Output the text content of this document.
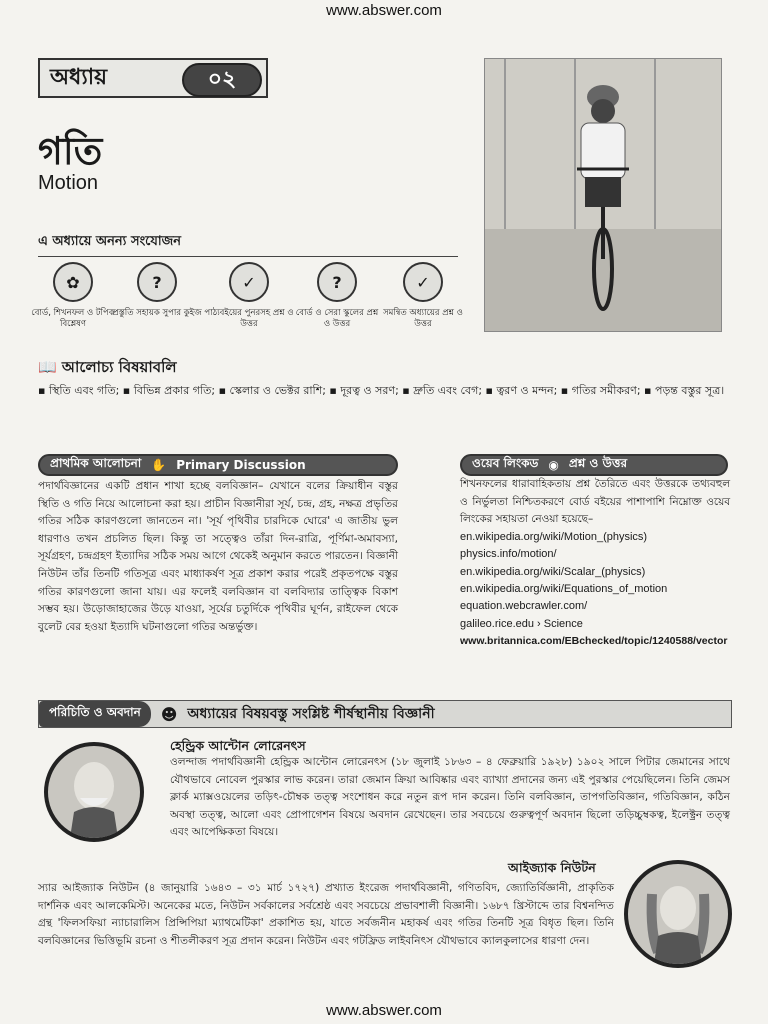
www.abswer.com
অধ্যায়	০২
গতি
Motion
এ অধ্যায়ে অনন্য সংযোজন
✿
বোর্ড, শিখনফল ও টপিক বিশ্লেষণ
?
প্রস্তুতি সহায়ক সুপার কুইজ
✓
পাঠ্যবইয়ের পুনরসহ প্রশ্ন ও উত্তর
?
বোর্ড ও সেরা স্কুলের প্রশ্ন ও উত্তর
✓
সমন্বিত অধ্যায়ের প্রশ্ন ও উত্তর
📖 আলোচ্য বিষয়াবলি
▪ স্থিতি এবং গতি; ▪ বিভিন্ন প্রকার গতি; ▪ স্কেলার ও ভেক্টর রাশি; ▪ দূরত্ব ও সরণ; ▪ দ্রুতি এবং বেগ; ▪ ত্বরণ ও মন্দন; ▪ গতির সমীকরণ; ▪ পড়ন্ত বস্তুর সূত্র।
প্রাথমিক আলোচনা ✋ Primary Discussion
পদার্থবিজ্ঞানের একটি প্রধান শাখা হচ্ছে বলবিজ্ঞান– যেখানে বলের ক্রিয়াধীন বস্তুর স্থিতি ও গতি নিয়ে আলোচনা করা হয়। প্রাচীন বিজ্ঞানীরা সূর্য, চন্দ্র, গ্রহ, নক্ষত্র প্রভৃতির গতির সঠিক কারণগুলো জানতেন না। 'সূর্য পৃথিবীর চারদিকে ঘোরে' এ জাতীয় ভুল ধারণাও তখন প্রচলিত ছিল। কিন্তু তা সত্ত্বেও তাঁরা দিন-রাত্রি, পূর্ণিমা-অমাবস্যা, সূর্যগ্রহণ, চন্দ্রগ্রহণ ইত্যাদির সঠিক সময় আগে থেকেই অনুমান করতে পারতেন। বিজ্ঞানী নিউটন তাঁর তিনটি গতিসূত্র এবং মাধ্যাকর্ষণ সূত্র প্রকাশ করার পরেই প্রকৃতপক্ষে বস্তুর গতির কারণগুলো জানা যায়। এর ফলেই বলবিজ্ঞান বা বলবিদ্যার তাত্ত্বিক বিকাশ সম্ভব হয়। উড়োজাহাজের উড়ে যাওয়া, সূর্যের চতুর্দিকে পৃথিবীর ঘূর্ণন, রাইফেল থেকে বুলেট বের হওয়া ইত্যাদি ঘটনাগুলো গতির অন্তর্ভুক্ত।
ওয়েব লিংকড ◉ প্রশ্ন ও উত্তর
শিখনফলের ধারাবাহিকতায় প্রশ্ন তৈরিতে এবং উত্তরকে তথ্যবহুল ও নির্ভুলতা নিশ্চিতকরণে বোর্ড বইয়ের পাশাপাশি নিম্নোক্ত ওয়েব লিংকের সহায়তা নেওয়া হয়েছে–
en.wikipedia.org/wiki/Motion_(physics)
physics.info/motion/
en.wikipedia.org/wiki/Scalar_(physics)
en.wikipedia.org/wiki/Equations_of_motion
equation.webcrawler.com/
galileo.rice.edu › Science
www.britannica.com/EBchecked/topic/1240588/vector
পরিচিতি ও অবদান	☻ অধ্যায়ের বিষয়বস্তু সংশ্লিষ্ট শীর্ষস্থানীয় বিজ্ঞানী
হেন্ড্রিক আন্টোন লোরেনৎস
ওলন্দাজ পদার্থবিজ্ঞানী হেন্ড্রিক আন্টোন লোরেনৎস (১৮ জুলাই ১৮৬৩ – ৪ ফেব্রুয়ারি ১৯২৮) ১৯০২ সালে পিটার জেমানের সাথে যৌথভাবে নোবেল পুরস্কার লাভ করেন। তারা জেমান ক্রিয়া আবিষ্কার এবং ব্যাখ্যা প্রদানের জন্য এই পুরস্কার পেয়েছিলেন। তিনি জেমস ক্লার্ক ম্যাক্সওয়েলের তড়িৎ-চৌম্বক তত্ত্ব সংশোধন করে নতুন রূপ দান করেন। তিনি বলবিজ্ঞান, তাপগতিবিজ্ঞান, গতিবিজ্ঞান, কঠিন অবস্থা তত্ত্ব, আলো এবং প্রোপাগেশন বিষয়ে অবদান রেখেছেন। তার সবচেয়ে গুরুত্বপূর্ণ অবদান ছিলো তড়িচ্চুম্বকত্ব, ইলেক্ট্রন তত্ত্ব এবং আপেক্ষিকতা বিষয়ে।
আইজ্যাক নিউটন
স্যার আইজ্যাক নিউটন (৪ জানুয়ারি ১৬৪৩ – ৩১ মার্চ ১৭২৭) প্রখ্যাত ইংরেজ পদার্থবিজ্ঞানী, গণিতবিদ, জ্যোতির্বিজ্ঞানী, প্রাকৃতিক দার্শনিক এবং আলকেমিস্ট। অনেকের মতে, নিউটন সর্বকালের সর্বশ্রেষ্ঠ এবং সবচেয়ে প্রভাবশালী বিজ্ঞানী। ১৬৮৭ খ্রিস্টাব্দে তার বিশ্বনন্দিত গ্রন্থ 'ফিলসফিয়া ন্যাচারালিস প্রিন্সিপিয়া ম্যাথমেটিকা' প্রকাশিত হয়, যাতে সর্বজনীন মহাকর্ষ এবং গতির তিনটি সূত্র বিধৃত ছিল। তিনি বলবিজ্ঞানের ভিত্তিভূমি রচনা ও শীতলীকরণ সূত্র প্রদান করেন। নিউটন এবং গটফ্রিড লাইবনিৎস যৌথভাবে ক্যালকুলাসের ধারণা দেন।
www.abswer.com
